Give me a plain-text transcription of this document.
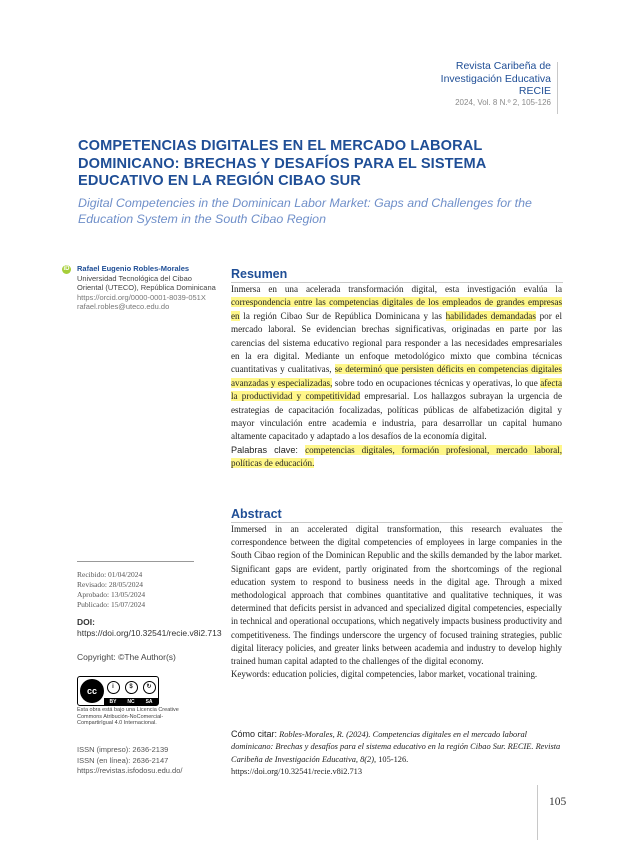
Revista Caribeña de
Investigación Educativa
RECIE
2024, Vol. 8 N.º 2, 105-126
COMPETENCIAS DIGITALES EN EL MERCADO LABORAL DOMINICANO: BRECHAS Y DESAFÍOS PARA EL SISTEMA EDUCATIVO EN LA REGIÓN CIBAO SUR
Digital Competencies in the Dominican Labor Market: Gaps and Challenges for the Education System in the South Cibao Region
iD Rafael Eugenio Robles-Morales
Universidad Tecnológica del Cibao Oriental (UTECO), República Dominicana
https://orcid.org/0000-0001-8039-051X
rafael.robles@uteco.edu.do
Recibido: 01/04/2024
Revisado: 28/05/2024
Aprobado: 13/05/2024
Publicado: 15/07/2024
DOI: https://doi.org/10.32541/recie.v8i2.713
Copyright: ©The Author(s)
cc	i	$	↻
BY NC SA
Esta obra está bajo una Licencia Creative Commons Atribución-NoComercial-CompartirIgual 4.0 Internacional.
ISSN (impreso): 2636-2139
ISSN (en línea): 2636-2147
https://revistas.isfodosu.edu.do/
Resumen
Inmersa en una acelerada transformación digital, esta investigación evalúa la correspondencia entre las competencias digitales de los empleados de grandes empresas en la región Cibao Sur de República Dominicana y las habilidades demandadas por el mercado laboral. Se evidencian brechas significativas, originadas en parte por las carencias del sistema educativo regional para responder a las necesidades empresariales en la era digital. Mediante un enfoque metodológico mixto que combina técnicas cuantitativas y cualitativas, se determinó que persisten déficits en competencias digitales avanzadas y especializadas, sobre todo en ocupaciones técnicas y operativas, lo que afecta la productividad y competitividad empresarial. Los hallazgos subrayan la urgencia de estrategias de capacitación focalizadas, políticas públicas de alfabetización digital y mayor vinculación entre academia e industria, para desarrollar un capital humano altamente capacitado y adaptado a los desafíos de la economía digital.
Palabras clave: competencias digitales, formación profesional, mercado laboral, políticas de educación.
Abstract
Immersed in an accelerated digital transformation, this research evaluates the correspondence between the digital competencies of employees in large companies in the South Cibao region of the Dominican Republic and the skills demanded by the labor market. Significant gaps are evident, partly originated from the shortcomings of the regional education system to respond to business needs in the digital age. Through a mixed methodological approach that combines quantitative and qualitative techniques, it was determined that deficits persist in advanced and specialized digital competencies, especially in technical and operational occupations, which negatively impacts business productivity and competitiveness. The findings underscore the urgency of focused training strategies, public digital literacy policies, and greater links between academia and industry to develop highly trained human capital adapted to the challenges of the digital economy.
Keywords: education policies, digital competencies, labor market, vocational training.
Cómo citar: Robles-Morales, R. (2024). Competencias digitales en el mercado laboral dominicano: Brechas y desafíos para el sistema educativo en la región Cibao Sur. RECIE. Revista Caribeña de Investigación Educativa, 8(2), 105-126.
https://doi.org/10.32541/recie.v8i2.713
105
